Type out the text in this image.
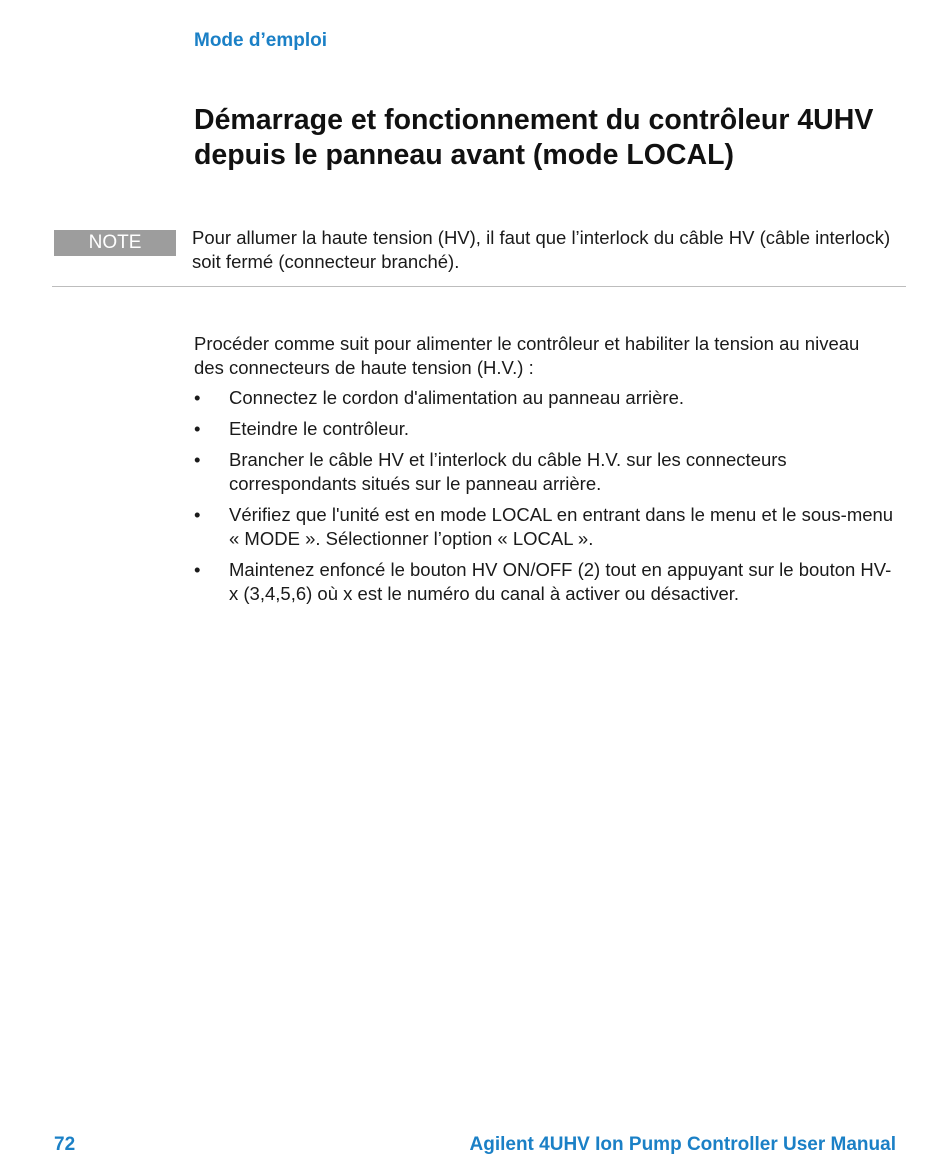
Mode d’emploi
Démarrage et fonctionnement du contrôleur 4UHV depuis le panneau avant (mode LOCAL)
NOTE	Pour allumer la haute tension (HV), il faut que l’interlock du câble HV (câble interlock) soit fermé (connecteur branché).

Procéder comme suit pour alimenter le contrôleur et habiliter la tension au niveau des connecteurs de haute tension (H.V.) :

• Connectez le cordon d'alimentation au panneau arrière.
• Eteindre le contrôleur.
• Brancher le câble HV et l’interlock du câble H.V. sur les connecteurs correspondants situés sur le panneau arrière.
• Vérifiez que l'unité est en mode LOCAL en entrant dans le menu et le sous-menu « MODE ». Sélectionner l’option « LOCAL ».
• Maintenez enfoncé le bouton HV ON/OFF (2) tout en appuyant sur le bouton HV-x (3,4,5,6) où x est le numéro du canal à activer ou désactiver.
72	Agilent 4UHV Ion Pump Controller User Manual
